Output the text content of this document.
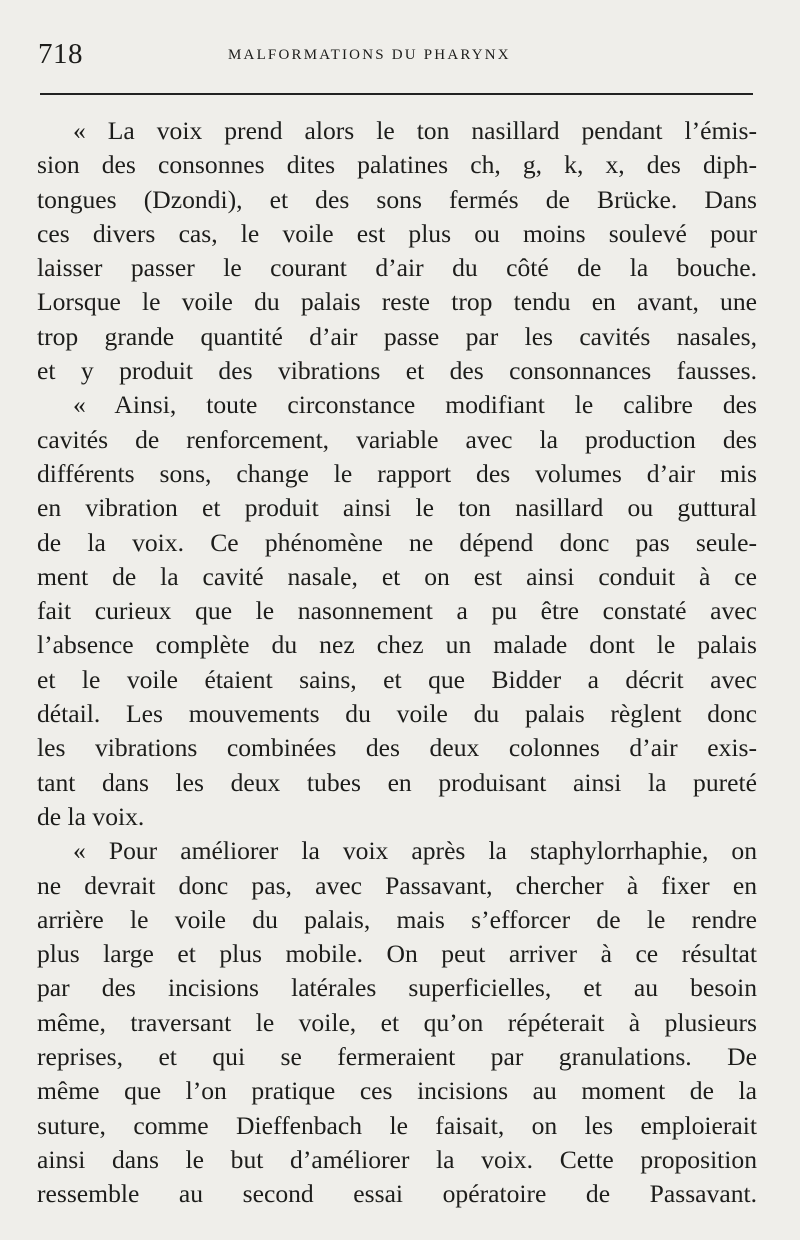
718	MALFORMATIONS DU PHARYNX
« La voix prend alors le ton nasillard pendant l’émis-
sion des consonnes dites palatines ch, g, k, x, des diph-
tongues (Dzondi), et des sons fermés de Brücke. Dans
ces divers cas, le voile est plus ou moins soulevé pour
laisser passer le courant d’air du côté de la bouche.
Lorsque le voile du palais reste trop tendu en avant, une
trop grande quantité d’air passe par les cavités nasales,
et y produit des vibrations et des consonnances fausses.
« Ainsi, toute circonstance modifiant le calibre des
cavités de renforcement, variable avec la production des
différents sons, change le rapport des volumes d’air mis
en vibration et produit ainsi le ton nasillard ou guttural
de la voix. Ce phénomène ne dépend donc pas seule-
ment de la cavité nasale, et on est ainsi conduit à ce
fait curieux que le nasonnement a pu être constaté avec
l’absence complète du nez chez un malade dont le palais
et le voile étaient sains, et que Bidder a décrit avec
détail. Les mouvements du voile du palais règlent donc
les vibrations combinées des deux colonnes d’air exis-
tant dans les deux tubes en produisant ainsi la pureté
de la voix.
« Pour améliorer la voix après la staphylorrhaphie, on
ne devrait donc pas, avec Passavant, chercher à fixer en
arrière le voile du palais, mais s’efforcer de le rendre
plus large et plus mobile. On peut arriver à ce résultat
par des incisions latérales superficielles, et au besoin
même, traversant le voile, et qu’on répéterait à plusieurs
reprises, et qui se fermeraient par granulations. De
même que l’on pratique ces incisions au moment de la
suture, comme Dieffenbach le faisait, on les emploierait
ainsi dans le but d’améliorer la voix. Cette proposition
ressemble au second essai opératoire de Passavant.
